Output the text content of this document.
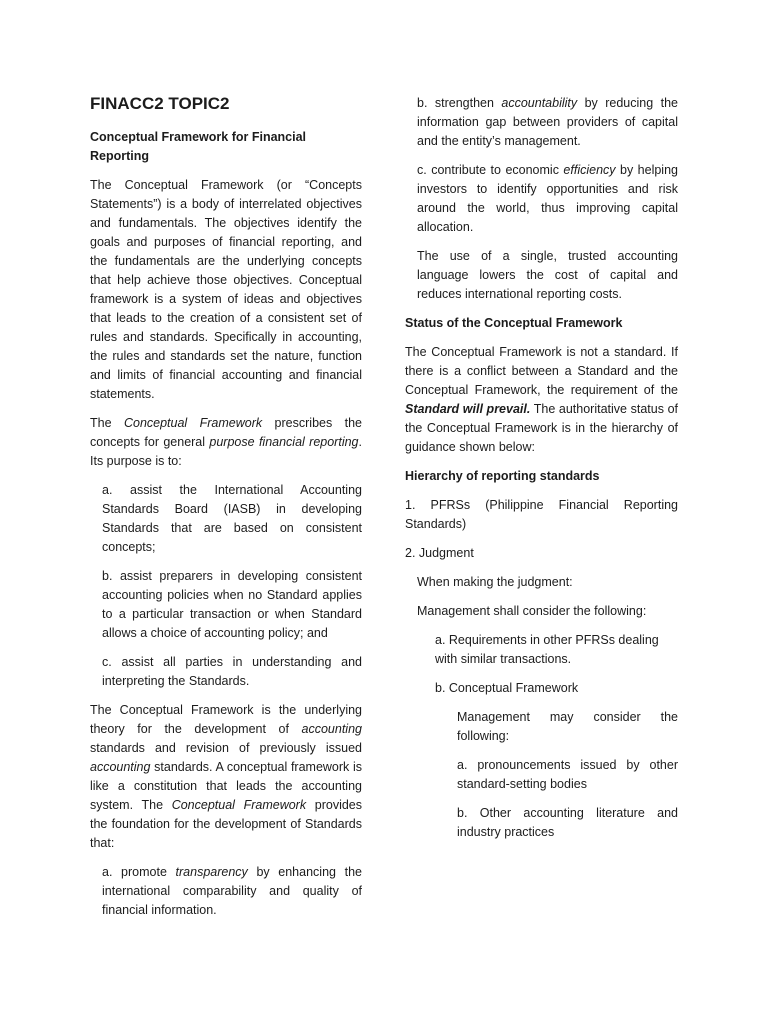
FINACC2 TOPIC2

Conceptual Framework for Financial Reporting

The Conceptual Framework (or “Concepts Statements”) is a body of interrelated objectives and fundamentals. The objectives identify the goals and purposes of financial reporting, and the fundamentals are the underlying concepts that help achieve those objectives. Conceptual framework is a system of ideas and objectives that leads to the creation of a consistent set of rules and standards. Specifically in accounting, the rules and standards set the nature, function and limits of financial accounting and financial statements.

The Conceptual Framework prescribes the concepts for general purpose financial reporting. Its purpose is to:

a. assist the International Accounting Standards Board (IASB) in developing Standards that are based on consistent concepts;

b. assist preparers in developing consistent accounting policies when no Standard applies to a particular transaction or when Standard allows a choice of accounting policy; and

c. assist all parties in understanding and interpreting the Standards.

The Conceptual Framework is the underlying theory for the development of accounting standards and revision of previously issued accounting standards. A conceptual framework is like a constitution that leads the accounting system. The Conceptual Framework provides the foundation for the development of Standards that:

a. promote transparency by enhancing the international comparability and quality of financial information.

b. strengthen accountability by reducing the information gap between providers of capital and the entity’s management.

c. contribute to economic efficiency by helping investors to identify opportunities and risk around the world, thus improving capital allocation.

The use of a single, trusted accounting language lowers the cost of capital and reduces international reporting costs.

Status of the Conceptual Framework

The Conceptual Framework is not a standard. If there is a conflict between a Standard and the Conceptual Framework, the requirement of the Standard will prevail. The authoritative status of the Conceptual Framework is in the hierarchy of guidance shown below:

Hierarchy of reporting standards

1. PFRSs (Philippine Financial Reporting Standards)

2. Judgment

When making the judgment:

Management shall consider the following:

a. Requirements in other PFRSs dealing with similar transactions.

b. Conceptual Framework

Management may consider the following:

a. pronouncements issued by other standard-setting bodies

b. Other accounting literature and industry practices
